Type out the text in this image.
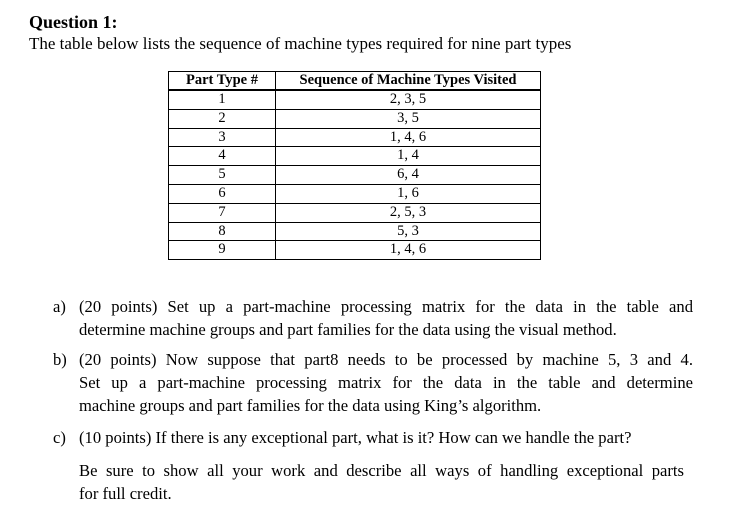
Question 1:
The table below lists the sequence of machine types required for nine part types
Part Type #	Sequence of Machine Types Visited
1	2, 3, 5
2	3, 5
3	1, 4, 6
4	1, 4
5	6, 4
6	1, 6
7	2, 5, 3
8	5, 3
9	1, 4, 6
a) (20 points) Set up a part-machine processing matrix for the data in the table and
determine machine groups and part families for the data using the visual method.
b) (20 points) Now suppose that part8 needs to be processed by machine 5, 3 and 4.
Set up a part-machine processing matrix for the data in the table and determine
machine groups and part families for the data using King’s algorithm.
c) (10 points) If there is any exceptional part, what is it? How can we handle the part?
Be sure to show all your work and describe all ways of handling exceptional parts
for full credit.
